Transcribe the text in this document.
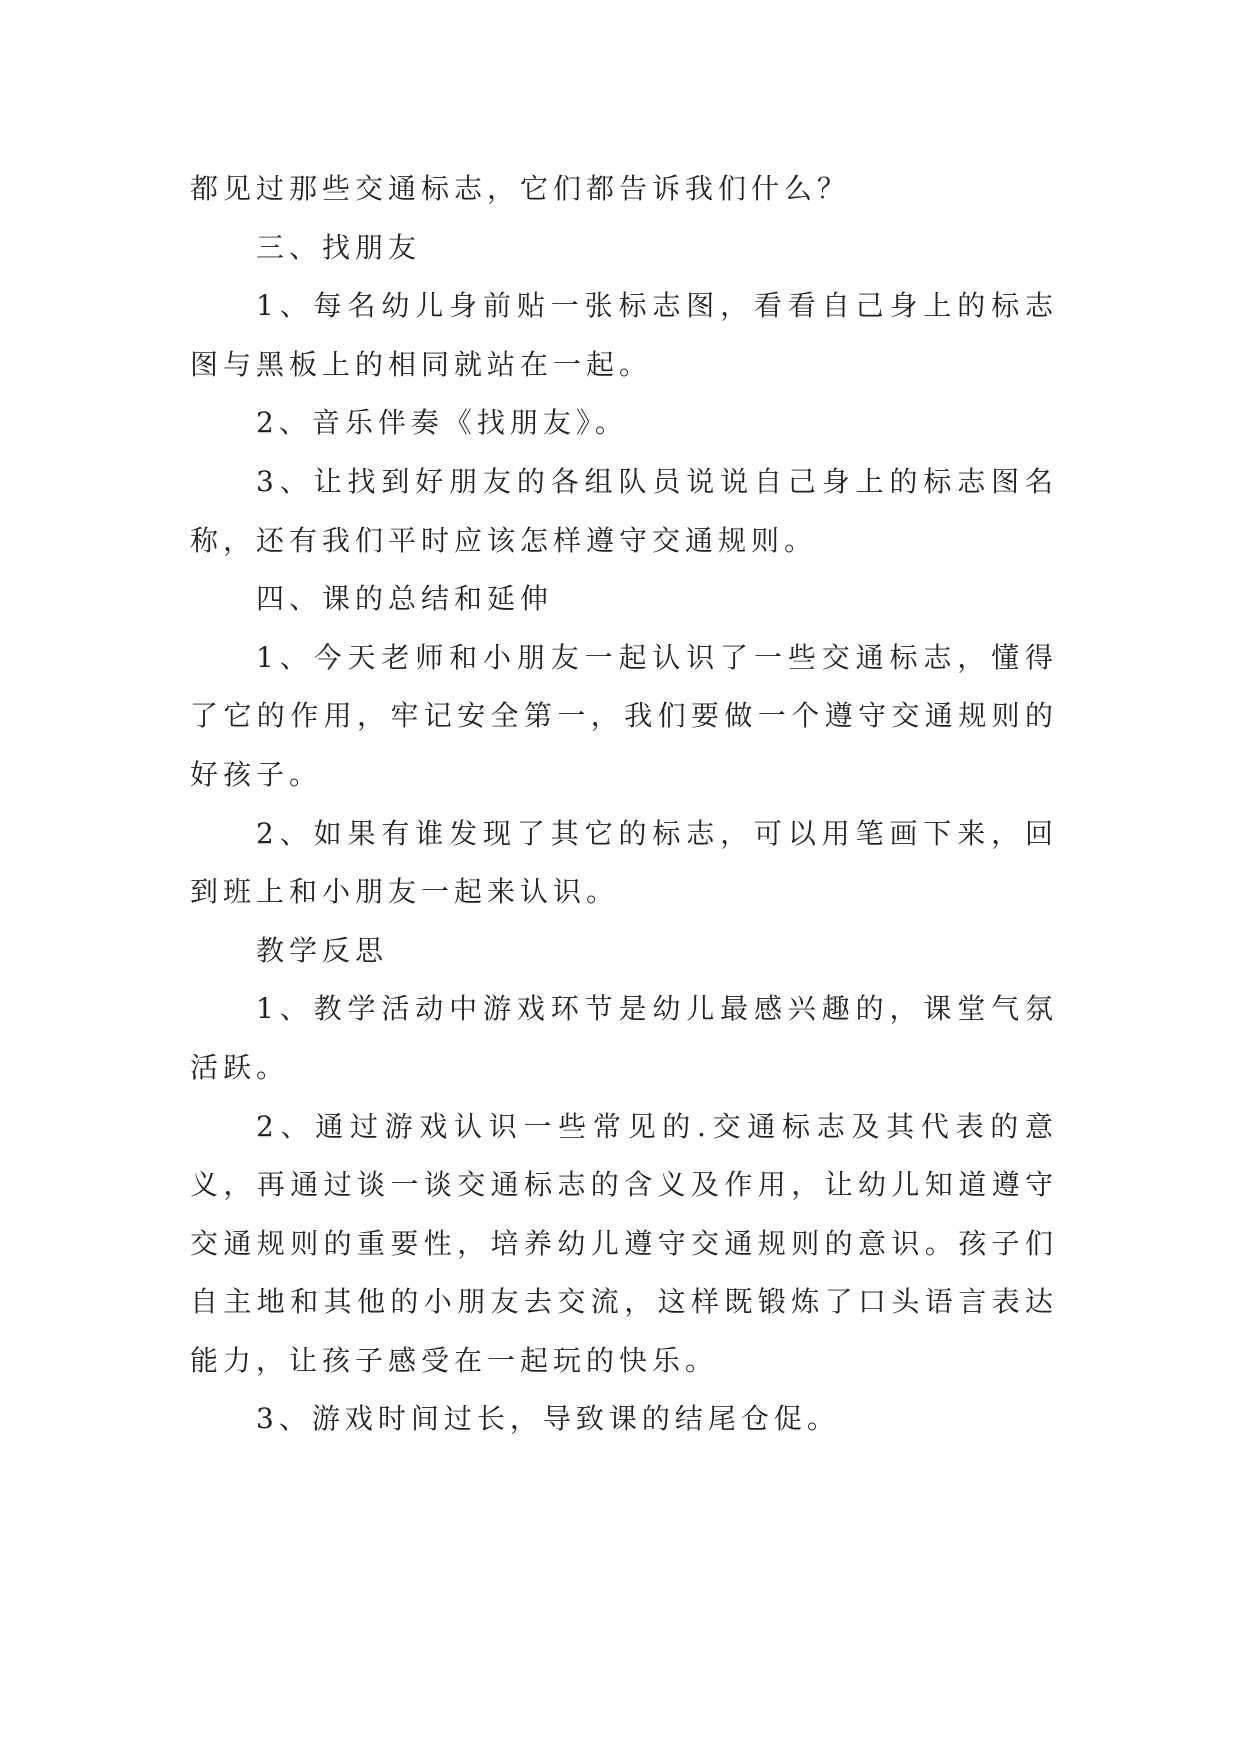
都见过那些交通标志，它们都告诉我们什么？

三、找朋友

1、每名幼儿身前贴一张标志图，看看自己身上的标志图与黑板上的相同就站在一起。

2、音乐伴奏《找朋友》。

3、让找到好朋友的各组队员说说自己身上的标志图名称，还有我们平时应该怎样遵守交通规则。

四、课的总结和延伸

1、今天老师和小朋友一起认识了一些交通标志，懂得了它的作用，牢记安全第一，我们要做一个遵守交通规则的好孩子。

2、如果有谁发现了其它的标志，可以用笔画下来，回到班上和小朋友一起来认识。

教学反思

1、教学活动中游戏环节是幼儿最感兴趣的，课堂气氛活跃。

2、通过游戏认识一些常见的.交通标志及其代表的意义，再通过谈一谈交通标志的含义及作用，让幼儿知道遵守交通规则的重要性，培养幼儿遵守交通规则的意识。孩子们自主地和其他的小朋友去交流，这样既锻炼了口头语言表达能力，让孩子感受在一起玩的快乐。

3、游戏时间过长，导致课的结尾仓促。
